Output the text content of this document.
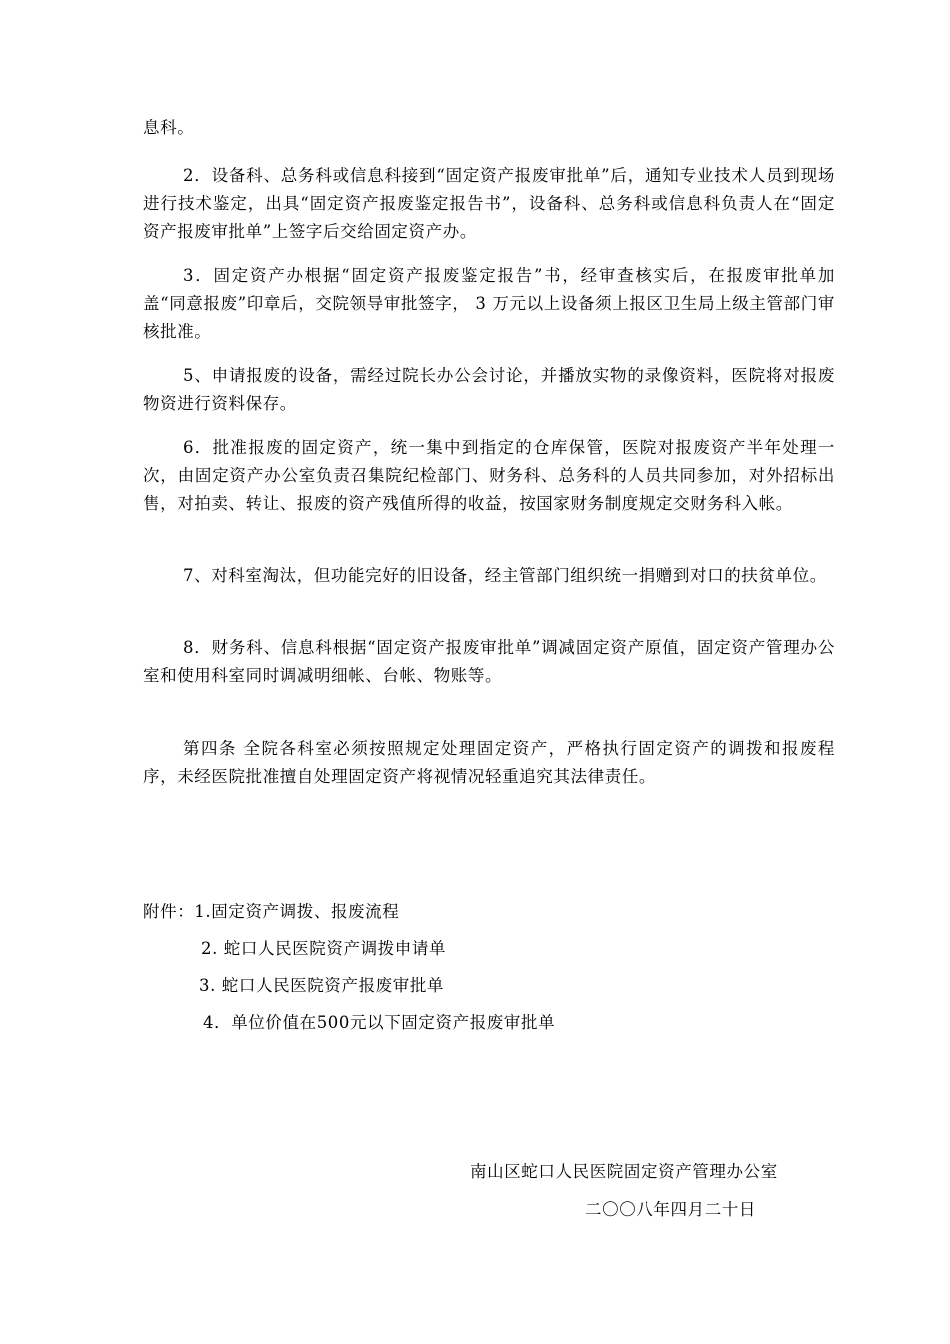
息科。

2．设备科、总务科或信息科接到“固定资产报废审批单”后，通知专业技术人员到现场进行技术鉴定，出具“固定资产报废鉴定报告书”，设备科、总务科或信息科负责人在“固定资产报废审批单”上签字后交给固定资产办。

3．固定资产办根据“固定资产报废鉴定报告”书，经审查核实后，在报废审批单加盖“同意报废”印章后，交院领导审批签字， 3 万元以上设备须上报区卫生局上级主管部门审核批准。

5、申请报废的设备，需经过院长办公会讨论，并播放实物的录像资料，医院将对报废物资进行资料保存。

6．批准报废的固定资产，统一集中到指定的仓库保管，医院对报废资产半年处理一次，由固定资产办公室负责召集院纪检部门、财务科、总务科的人员共同参加，对外招标出售，对拍卖、转让、报废的资产残值所得的收益，按国家财务制度规定交财务科入帐。

7、对科室淘汰，但功能完好的旧设备，经主管部门组织统一捐赠到对口的扶贫单位。

8．财务科、信息科根据“固定资产报废审批单”调减固定资产原值，固定资产管理办公室和使用科室同时调减明细帐、台帐、物账等。

第四条 全院各科室必须按照规定处理固定资产，严格执行固定资产的调拨和报废程序，未经医院批准擅自处理固定资产将视情况轻重追究其法律责任。

附件：1.固定资产调拨、报废流程

2. 蛇口人民医院资产调拨申请单

3. 蛇口人民医院资产报废审批单

4．单位价值在500元以下固定资产报废审批单

南山区蛇口人民医院固定资产管理办公室

二〇〇八年四月二十日
